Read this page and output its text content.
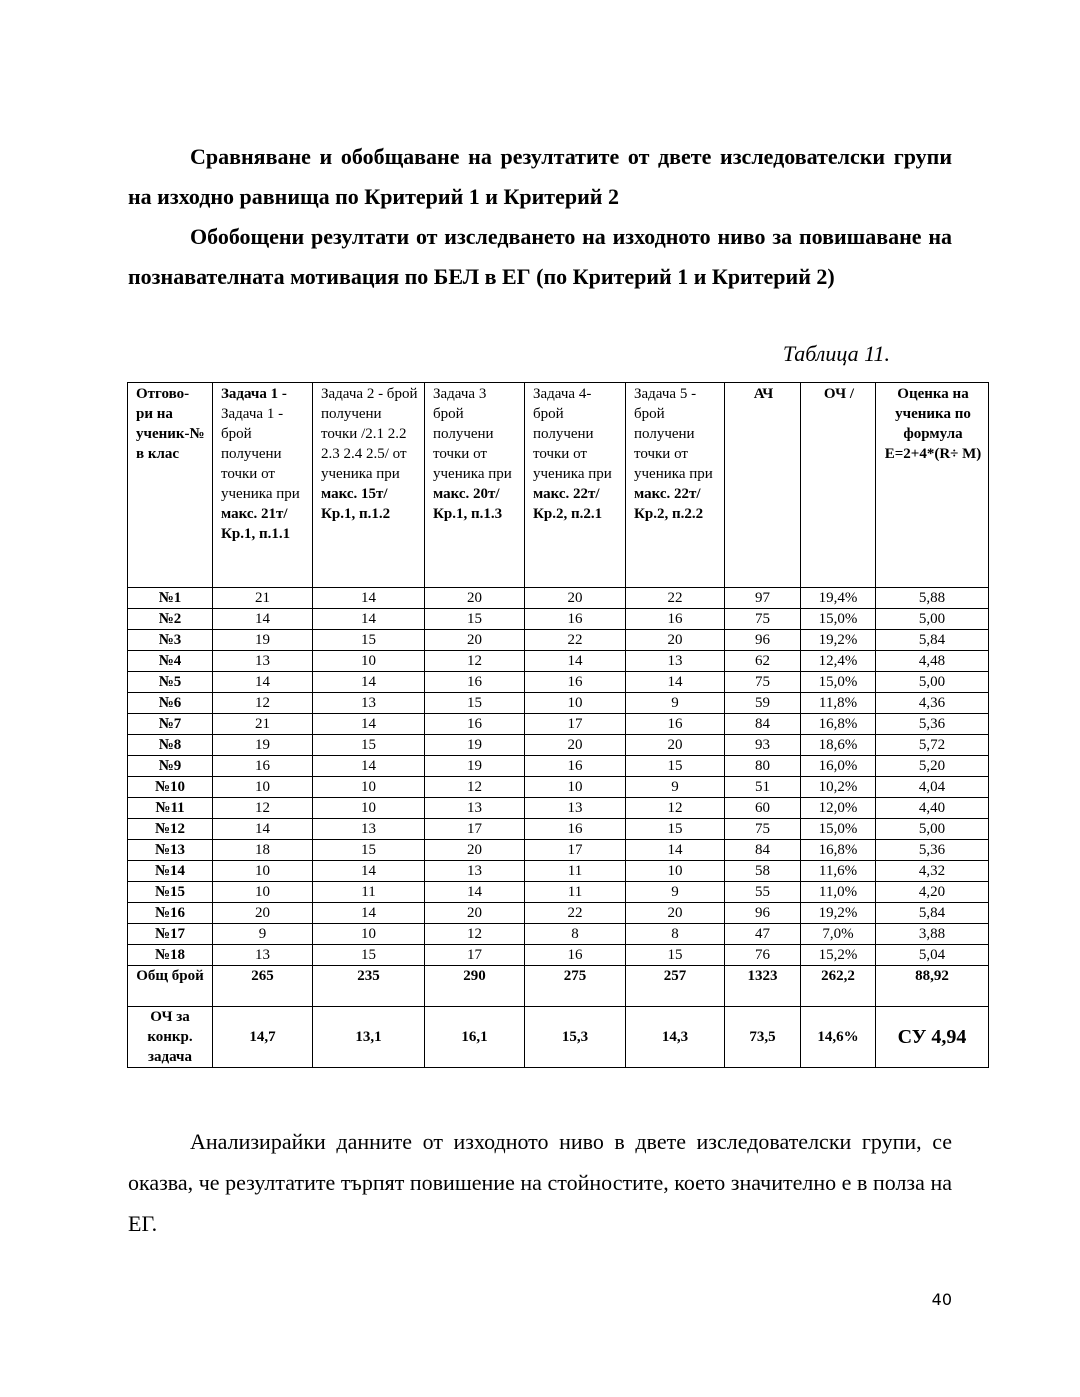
Сравняване и обобщаване на резултатите от двете изследователски групи на изходно равнища по Критерий 1 и Критерий 2
Обобощени резултати от изследването на изходното ниво за повишаване на познавателната мотивация по БЕЛ в ЕГ (по Критерий 1 и Критерий 2)
Таблица 11.
Отгово-ри на ученик-№ в клас	Задача 1 - Задача 1 - брой получени точки от ученика при макс. 21т/Кр.1, п.1.1	Задача 2 - брой получени точки /2.1 2.2 2.3 2.4 2.5/ от ученика при макс. 15т/Кр.1, п.1.2	Задача 3 брой получени точки от ученика при макс. 20т/ Кр.1, п.1.3	Задача 4- брой получени точки от ученика при макс. 22т/ Кр.2, п.2.1	Задача 5 - брой получени точки от ученика при макс. 22т/ Кр.2, п.2.2	АЧ	ОЧ /	Оценка на ученика по формула Е=2+4*(R÷ М)
№1	21	14	20	20	22	97	19,4%	5,88
№2	14	14	15	16	16	75	15,0%	5,00
№3	19	15	20	22	20	96	19,2%	5,84
№4	13	10	12	14	13	62	12,4%	4,48
№5	14	14	16	16	14	75	15,0%	5,00
№6	12	13	15	10	9	59	11,8%	4,36
№7	21	14	16	17	16	84	16,8%	5,36
№8	19	15	19	20	20	93	18,6%	5,72
№9	16	14	19	16	15	80	16,0%	5,20
№10	10	10	12	10	9	51	10,2%	4,04
№11	12	10	13	13	12	60	12,0%	4,40
№12	14	13	17	16	15	75	15,0%	5,00
№13	18	15	20	17	14	84	16,8%	5,36
№14	10	14	13	11	10	58	11,6%	4,32
№15	10	11	14	11	9	55	11,0%	4,20
№16	20	14	20	22	20	96	19,2%	5,84
№17	9	10	12	8	8	47	7,0%	3,88
№18	13	15	17	16	15	76	15,2%	5,04
Общ брой	265	235	290	275	257	1323	262,2	88,92
ОЧ за конкр. задача	14,7	13,1	16,1	15,3	14,3	73,5	14,6%	СУ 4,94
Анализирайки данните от изходното ниво в двете изследователски групи, се оказва, че резултатите търпят повишение на стойностите, което значително е в полза на ЕГ.
40
